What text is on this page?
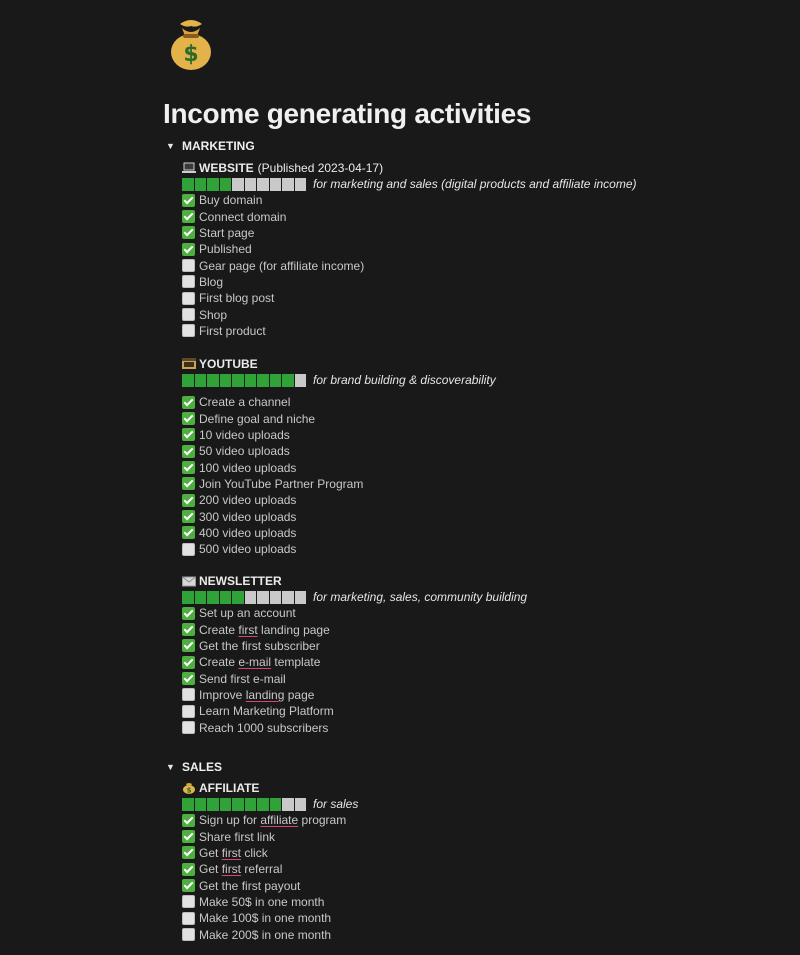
$
Income generating activities
▼ MARKETING
WEBSITE (Published 2023-04-17)
for marketing and sales (digital products and affiliate income)
Buy domain
Connect domain
Start page
Published
Gear page (for affiliate income)
Blog
First blog post
Shop
First product
YOUTUBE
for brand building & discoverability
Create a channel
Define goal and niche
10 video uploads
50 video uploads
100 video uploads
Join YouTube Partner Program
200 video uploads
300 video uploads
400 video uploads
500 video uploads
NEWSLETTER
for marketing, sales, community building
Set up an account
Create first landing page
Get the first subscriber
Create e-mail template
Send first e-mail
Improve landing page
Learn Marketing Platform
Reach 1000 subscribers
▼ SALES
$ AFFILIATE
for sales
Sign up for affiliate program
Share first link
Get first click
Get first referral
Get the first payout
Make 50$ in one month
Make 100$ in one month
Make 200$ in one month
